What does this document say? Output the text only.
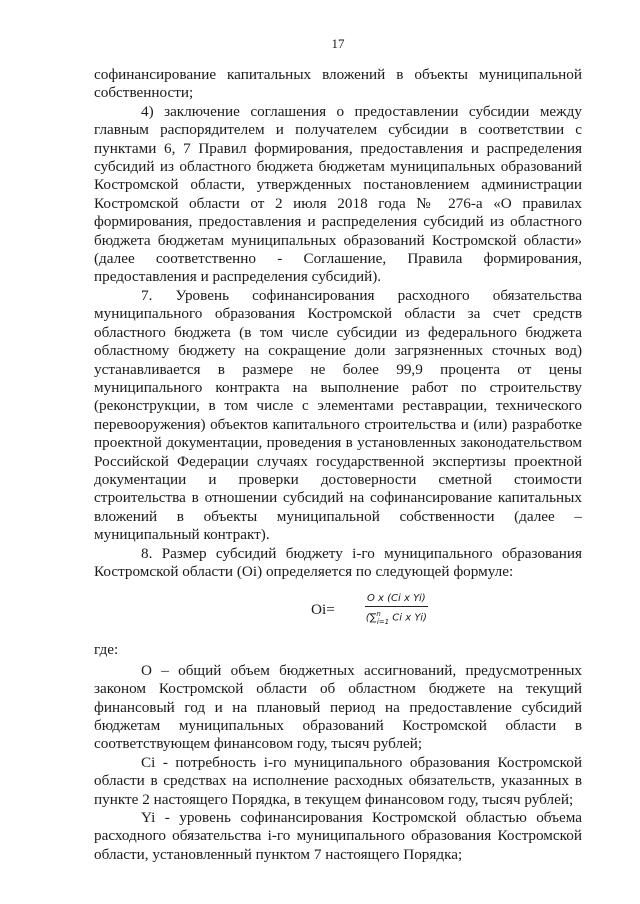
17

софинансирование капитальных вложений в объекты муниципальной

собственности;

4) заключение соглашения о предоставлении субсидии между

главным распорядителем и получателем субсидии в соответствии с

пунктами 6, 7 Правил формирования, предоставления и распределения

субсидий из областного бюджета бюджетам муниципальных образований

Костромской области, утвержденных постановлением администрации

Костромской области от 2 июля 2018 года № 276-а «О правилах

формирования, предоставления и распределения субсидий из областного

бюджета бюджетам муниципальных образований Костромской области»

(далее соответственно - Соглашение, Правила формирования,

предоставления и распределения субсидий).

7. Уровень софинансирования расходного обязательства

муниципального образования Костромской области за счет средств

областного бюджета (в том числе субсидии из федерального бюджета

областному бюджету на сокращение доли загрязненных сточных вод)

устанавливается в размере не более 99,9 процента от цены

муниципального контракта на выполнение работ по строительству

(реконструкции, в том числе с элементами реставрации, технического

перевооружения) объектов капитального строительства и (или) разработке

проектной документации, проведения в установленных законодательством

Российской Федерации случаях государственной экспертизы проектной

документации и проверки достоверности сметной стоимости

строительства в отношении субсидий на софинансирование капитальных

вложений в объекты муниципальной собственности (далее –

муниципальный контракт).

8. Размер субсидий бюджету i-го муниципального образования

Костромской области (Oi) определяется по следующей формуле:

Oi=	$\frac{\text{O x (Ci x Yi)}}{(\sum^n_{i=1} Ci x Yi)}$

где:

О – общий объем бюджетных ассигнований, предусмотренных

законом Костромской области об областном бюджете на текущий

финансовый год и на плановый период на предоставление субсидий

бюджетам муниципальных образований Костромской области в

соответствующем финансовом году, тысяч рублей;

Ci - потребность i-го муниципального образования Костромской

области в средствах на исполнение расходных обязательств, указанных в

пункте 2 настоящего Порядка, в текущем финансовом году, тысяч рублей;

Yi - уровень софинансирования Костромской областью объема

расходного обязательства i-го муниципального образования Костромской

области, установленный пунктом 7 настоящего Порядка;
